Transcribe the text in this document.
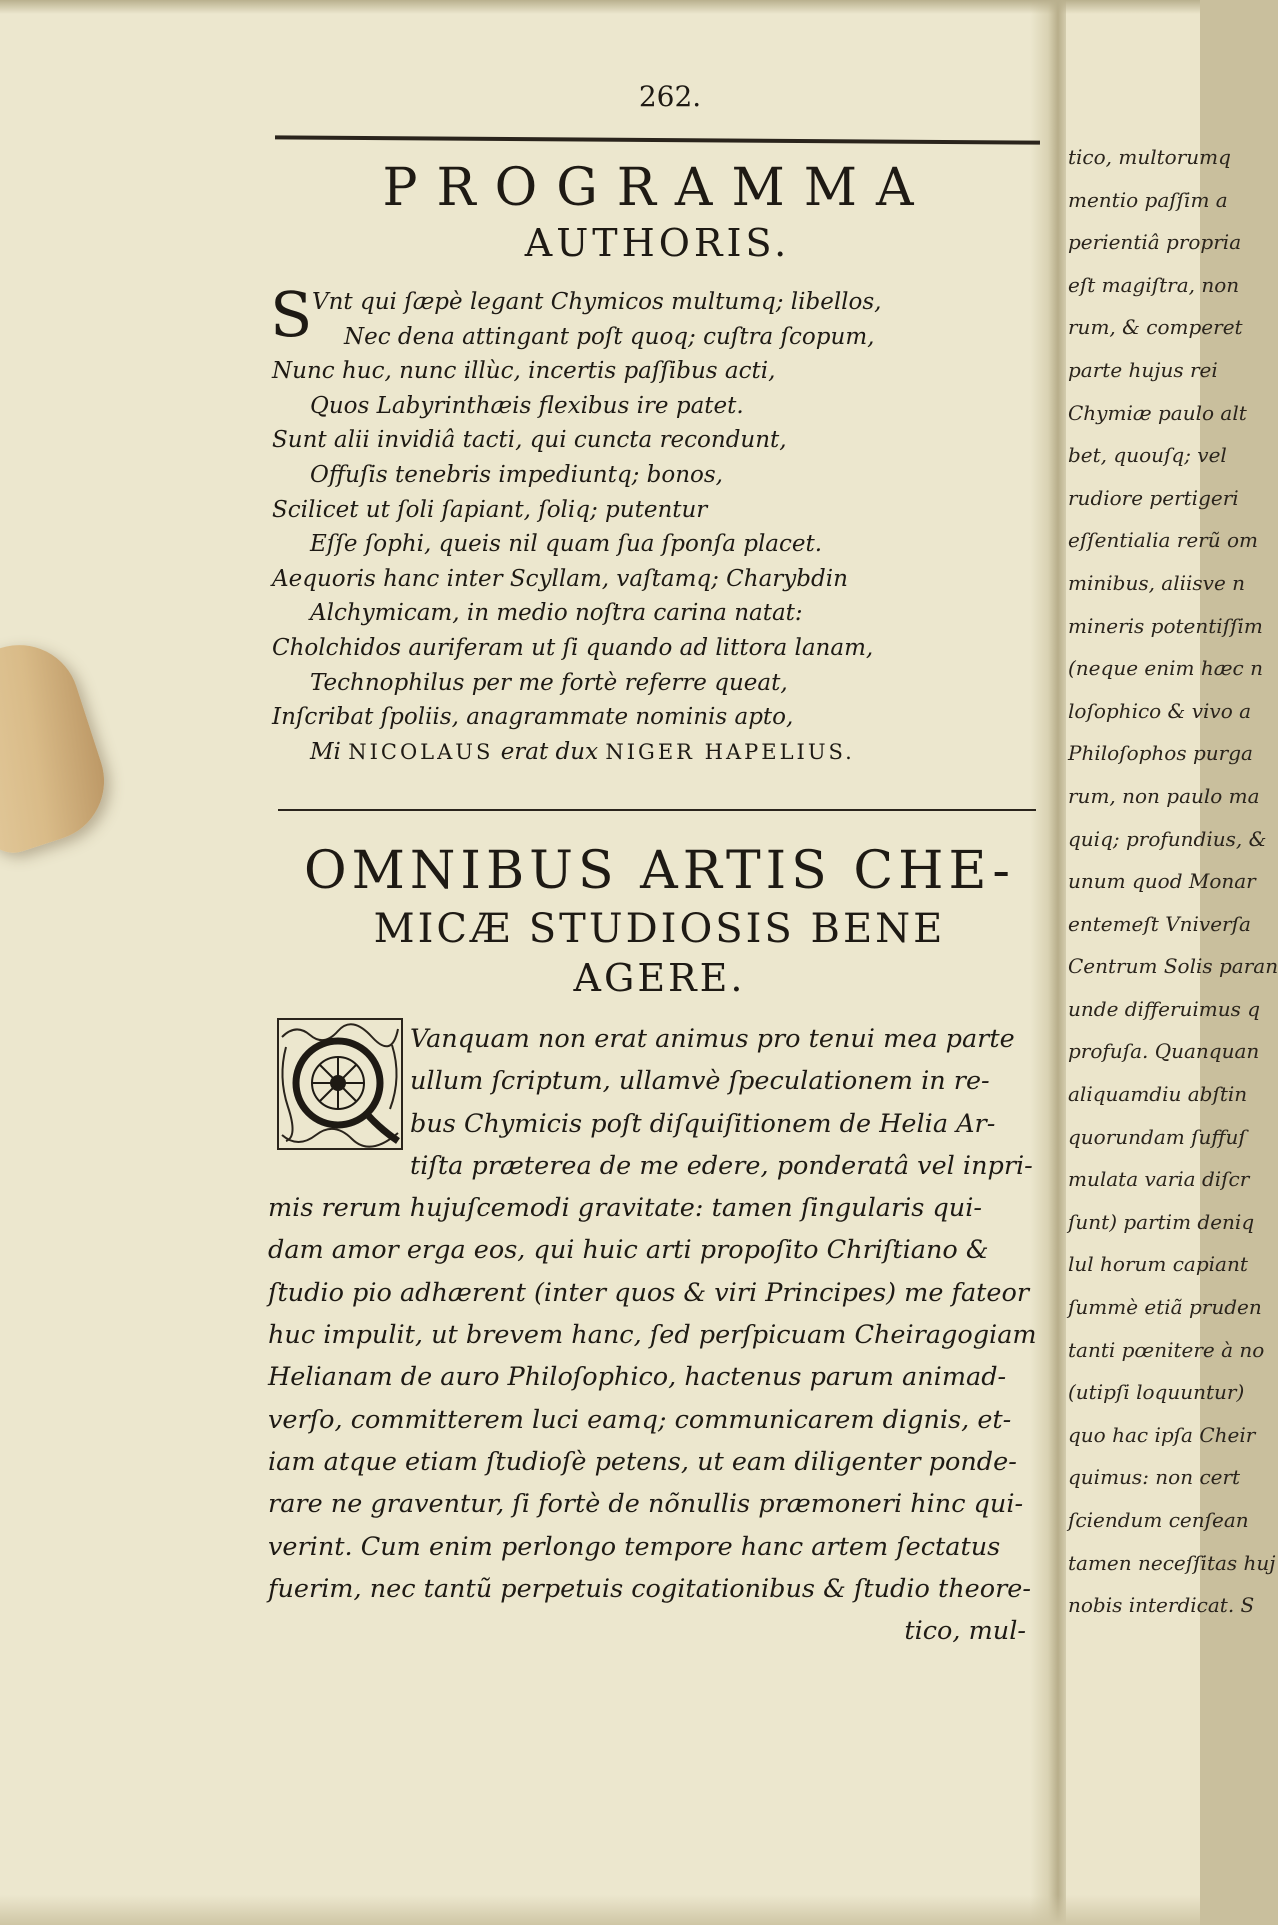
262.
PROGRAMMA
AUTHORIS.
S Vnt qui ſæpè legant Chymicos multumq; libellos,
Nec dena attingant poſt quoq; cuſtra ſcopum,
Nunc huc, nunc illùc, incertis paſſibus acti,
Quos Labyrinthæis flexibus ire patet.
Sunt alii invidiâ tacti, qui cuncta recondunt,
Offuſis tenebris impediuntq; bonos,
Scilicet ut ſoli ſapiant, ſoliq; putentur
Eſſe ſophi, queis nil quam ſua ſponſa placet.
Aequoris hanc inter Scyllam, vaſtamq; Charybdin
Alchymicam, in medio noſtra carina natat:
Cholchidos auriferam ut ſi quando ad littora lanam,
Technophilus per me fortè referre queat,
Inſcribat ſpoliis, anagrammate nominis apto,
Mi NICOLAUS erat dux NIGER HAPELIUS.
OMNIBUS ARTIS CHE-
MICÆ STUDIOSIS BENE
AGERE.
Vanquam non erat animus pro tenui mea parte
ullum ſcriptum, ullamvè ſpeculationem in re-
bus Chymicis poſt diſquiſitionem de Helia Ar-
tiſta præterea de me edere, ponderatâ vel inpri-
mis rerum hujuſcemodi gravitate: tamen ſingularis qui-
dam amor erga eos, qui huic arti propoſito Chriſtiano &
ſtudio pio adhærent (inter quos & viri Principes) me fateor
huc impulit, ut brevem hanc, ſed perſpicuam Cheiragogiam
Helianam de auro Philoſophico, hactenus parum animad-
verſo, committerem luci eamq; communicarem dignis, et-
iam atque etiam ſtudioſè petens, ut eam diligenter ponde-
rare ne graventur, ſi fortè de nõnullis præmoneri hinc qui-
verint. Cum enim perlongo tempore hanc artem ſectatus
fuerim, nec tantũ perpetuis cogitationibus & ſtudio theore-
tico, mul-
tico, multorumq
mentio paſſim a
perientiâ propria
eſt magiſtra, non
rum, & comperet
parte hujus rei
Chymiæ paulo alt
bet, quouſq; vel
rudiore pertigeri
eſſentialia rerũ om
minibus, aliisve n
mineris potentiſſim
(neque enim hæc n
loſophico & vivo a
Philoſophos purga
rum, non paulo ma
quiq; profundius, &
unum quod Monar
entemeſt Vniverſa
Centrum Solis paran
unde differuimus q
profuſa. Quanquan
aliquamdiu abſtin
quorundam ſuffuſ
mulata varia diſcr
ſunt) partim deniq
lul horum capiant
ſummè etiã pruden
tanti pœnitere à no
(utipſi loquuntur)
quo hac ipſa Cheir
quimus: non cert
ſciendum cenſean
tamen neceſſitas huj
nobis interdicat. S
